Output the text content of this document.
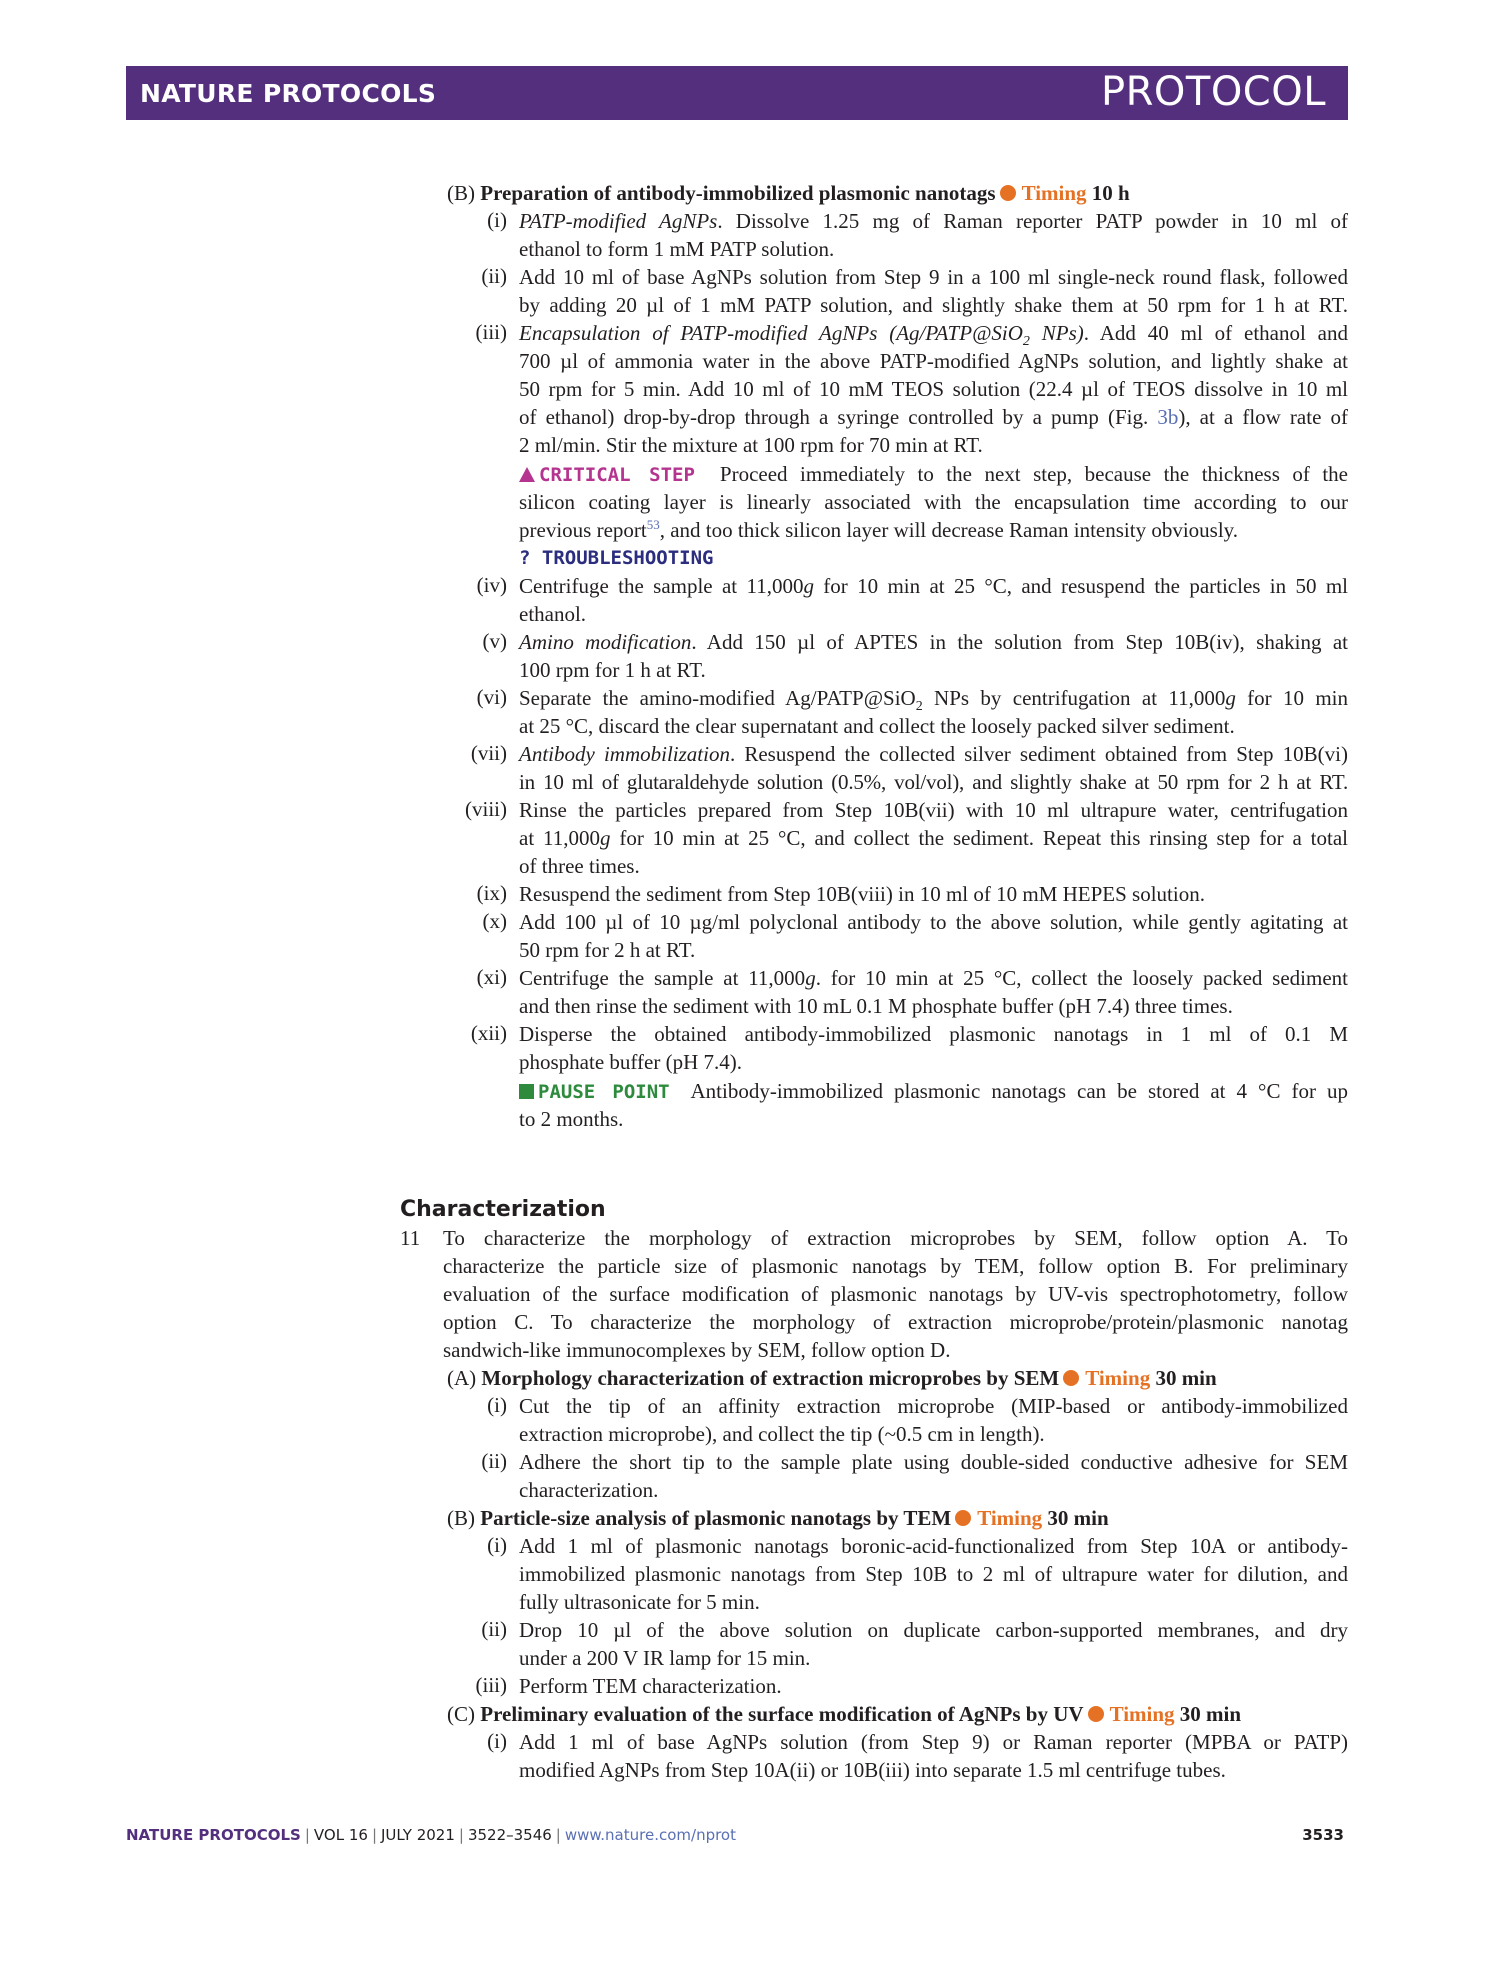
NATURE PROTOCOLS	PROTOCOL
(B) Preparation of antibody-immobilized plasmonic nanotags Timing 10 h
(i) PATP-modified AgNPs. Dissolve 1.25 mg of Raman reporter PATP powder in 10 ml of
ethanol to form 1 mM PATP solution.
(ii) Add 10 ml of base AgNPs solution from Step 9 in a 100 ml single-neck round flask, followed
by adding 20 µl of 1 mM PATP solution, and slightly shake them at 50 rpm for 1 h at RT.
(iii) Encapsulation of PATP-modified AgNPs (Ag/PATP@SiO$_2$ NPs). Add 40 ml of ethanol and
700 µl of ammonia water in the above PATP-modified AgNPs solution, and lightly shake at
50 rpm for 5 min. Add 10 ml of 10 mM TEOS solution (22.4 µl of TEOS dissolve in 10 ml
of ethanol) drop-by-drop through a syringe controlled by a pump (Fig. 3b), at a flow rate of
2 ml/min. Stir the mixture at 100 rpm for 70 min at RT.
CRITICAL STEP Proceed immediately to the next step, because the thickness of the
silicon coating layer is linearly associated with the encapsulation time according to our
previous report$^{53}$, and too thick silicon layer will decrease Raman intensity obviously.
? TROUBLESHOOTING
(iv) Centrifuge the sample at 11,000g for 10 min at 25 °C, and resuspend the particles in 50 ml
ethanol.
(v) Amino modification. Add 150 µl of APTES in the solution from Step 10B(iv), shaking at
100 rpm for 1 h at RT.
(vi) Separate the amino-modified Ag/PATP@SiO$_2$ NPs by centrifugation at 11,000g for 10 min
at 25 °C, discard the clear supernatant and collect the loosely packed silver sediment.
(vii) Antibody immobilization. Resuspend the collected silver sediment obtained from Step 10B(vi)
in 10 ml of glutaraldehyde solution (0.5%, vol/vol), and slightly shake at 50 rpm for 2 h at RT.
(viii) Rinse the particles prepared from Step 10B(vii) with 10 ml ultrapure water, centrifugation
at 11,000g for 10 min at 25 °C, and collect the sediment. Repeat this rinsing step for a total
of three times.
(ix) Resuspend the sediment from Step 10B(viii) in 10 ml of 10 mM HEPES solution.
(x) Add 100 µl of 10 µg/ml polyclonal antibody to the above solution, while gently agitating at
50 rpm for 2 h at RT.
(xi) Centrifuge the sample at 11,000g. for 10 min at 25 °C, collect the loosely packed sediment
and then rinse the sediment with 10 mL 0.1 M phosphate buffer (pH 7.4) three times.
(xii) Disperse the obtained antibody-immobilized plasmonic nanotags in 1 ml of 0.1 M
phosphate buffer (pH 7.4).
PAUSE POINT Antibody-immobilized plasmonic nanotags can be stored at 4 °C for up
to 2 months.
Characterization
11 To characterize the morphology of extraction microprobes by SEM, follow option A. To
characterize the particle size of plasmonic nanotags by TEM, follow option B. For preliminary
evaluation of the surface modification of plasmonic nanotags by UV-vis spectrophotometry, follow
option C. To characterize the morphology of extraction microprobe/protein/plasmonic nanotag
sandwich-like immunocomplexes by SEM, follow option D.
(A) Morphology characterization of extraction microprobes by SEM Timing 30 min
(i) Cut the tip of an affinity extraction microprobe (MIP-based or antibody-immobilized
extraction microprobe), and collect the tip (~0.5 cm in length).
(ii) Adhere the short tip to the sample plate using double-sided conductive adhesive for SEM
characterization.
(B) Particle-size analysis of plasmonic nanotags by TEM Timing 30 min
(i) Add 1 ml of plasmonic nanotags boronic-acid-functionalized from Step 10A or antibody-
immobilized plasmonic nanotags from Step 10B to 2 ml of ultrapure water for dilution, and
fully ultrasonicate for 5 min.
(ii) Drop 10 µl of the above solution on duplicate carbon-supported membranes, and dry
under a 200 V IR lamp for 15 min.
(iii) Perform TEM characterization.
(C) Preliminary evaluation of the surface modification of AgNPs by UV Timing 30 min
(i) Add 1 ml of base AgNPs solution (from Step 9) or Raman reporter (MPBA or PATP)
modified AgNPs from Step 10A(ii) or 10B(iii) into separate 1.5 ml centrifuge tubes.
NATURE PROTOCOLS | VOL 16 | JULY 2021 | 3522–3546 | www.nature.com/nprot	3533
